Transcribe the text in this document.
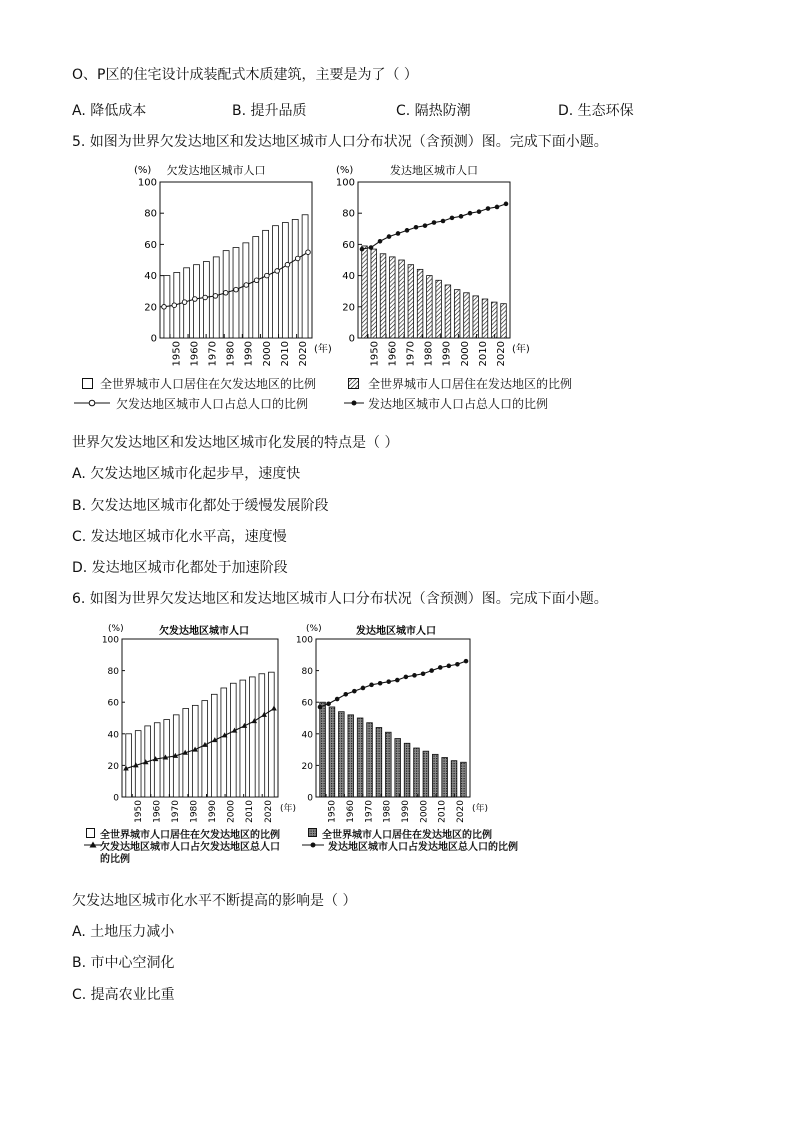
O、P区的住宅设计成装配式木质建筑，主要是为了（ ）
A. 降低成本	B. 提升品质	C. 隔热防潮	D. 生态环保
5. 如图为世界欠发达地区和发达地区城市人口分布状况（含预测）图。完成下面小题。
欠发达地区城市人口
(%)
0
20
40
60
80
100
1950 1960 1970 1980 1990 2000 2010 2020 (年)
发达地区城市人口
(%)
0
20
40
60
80
100
1950 1960 1970 1980 1990 2000 2010 2020 (年)
全世界城市人口居住在欠发达地区的比例	全世界城市人口居住在发达地区的比例
欠发达地区城市人口占总人口的比例	发达地区城市人口占总人口的比例
世界欠发达地区和发达地区城市化发展的特点是（ ）
A. 欠发达地区城市化起步早，速度快
B. 欠发达地区城市化都处于缓慢发展阶段
C. 发达地区城市化水平高，速度慢
D. 发达地区城市化都处于加速阶段
6. 如图为世界欠发达地区和发达地区城市人口分布状况（含预测）图。完成下面小题。
欠发达地区城市人口
(%)
0
20
40
60
80
100
1950 1960 1970 1980 1990 2000 2010 2020 (年)
发达地区城市人口
(%)
0
20
40
60
80
100
1950 1960 1970 1980 1990 2000 2010 2020 (年)
全世界城市人口居住在欠发达地区的比例	全世界城市人口居住在发达地区的比例
欠发达地区城市人口占欠发达地区总人口
的比例
发达地区城市人口占发达地区总人口的比例
欠发达地区城市化水平不断提高的影响是（ ）
A. 土地压力减小
B. 市中心空洞化
C. 提高农业比重
